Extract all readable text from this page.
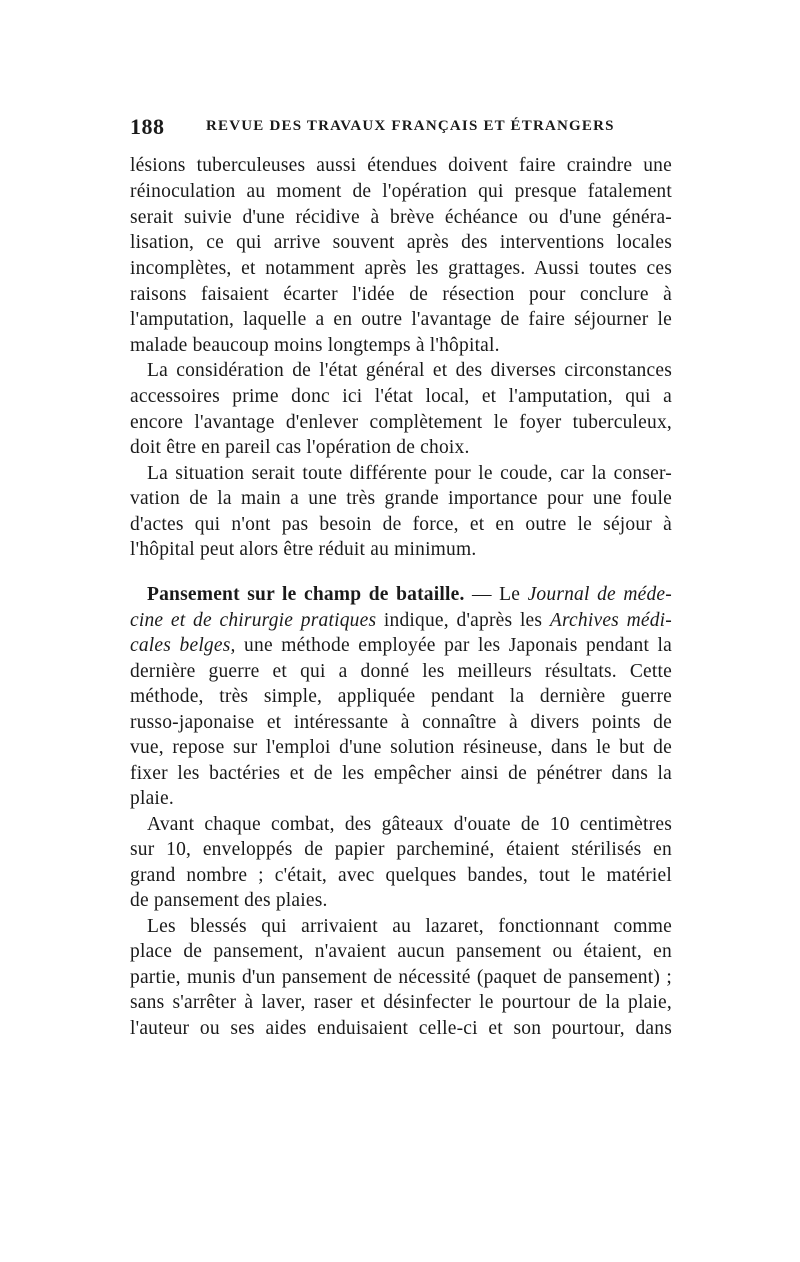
188	REVUE DES TRAVAUX FRANÇAIS ET ÉTRANGERS
lésions tuberculeuses aussi étendues doivent faire craindre une
réinoculation au moment de l'opération qui presque fatalement
serait suivie d'une récidive à brève échéance ou d'une généra-
lisation, ce qui arrive souvent après des interventions locales
incomplètes, et notamment après les grattages. Aussi toutes ces
raisons faisaient écarter l'idée de résection pour conclure à
l'amputation, laquelle a en outre l'avantage de faire séjourner le
malade beaucoup moins longtemps à l'hôpital.
La considération de l'état général et des diverses circonstances
accessoires prime donc ici l'état local, et l'amputation, qui a
encore l'avantage d'enlever complètement le foyer tuberculeux,
doit être en pareil cas l'opération de choix.
La situation serait toute différente pour le coude, car la conser-
vation de la main a une très grande importance pour une foule
d'actes qui n'ont pas besoin de force, et en outre le séjour à
l'hôpital peut alors être réduit au minimum.
Pansement sur le champ de bataille. — Le Journal de méde-
cine et de chirurgie pratiques indique, d'après les Archives médi-
cales belges, une méthode employée par les Japonais pendant la
dernière guerre et qui a donné les meilleurs résultats. Cette
méthode, très simple, appliquée pendant la dernière guerre
russo-japonaise et intéressante à connaître à divers points de
vue, repose sur l'emploi d'une solution résineuse, dans le but de
fixer les bactéries et de les empêcher ainsi de pénétrer dans la
plaie.
Avant chaque combat, des gâteaux d'ouate de 10 centimètres
sur 10, enveloppés de papier parcheminé, étaient stérilisés en
grand nombre ; c'était, avec quelques bandes, tout le matériel
de pansement des plaies.
Les blessés qui arrivaient au lazaret, fonctionnant comme
place de pansement, n'avaient aucun pansement ou étaient, en
partie, munis d'un pansement de nécessité (paquet de pansement) ;
sans s'arrêter à laver, raser et désinfecter le pourtour de la plaie,
l'auteur ou ses aides enduisaient celle-ci et son pourtour, dans
